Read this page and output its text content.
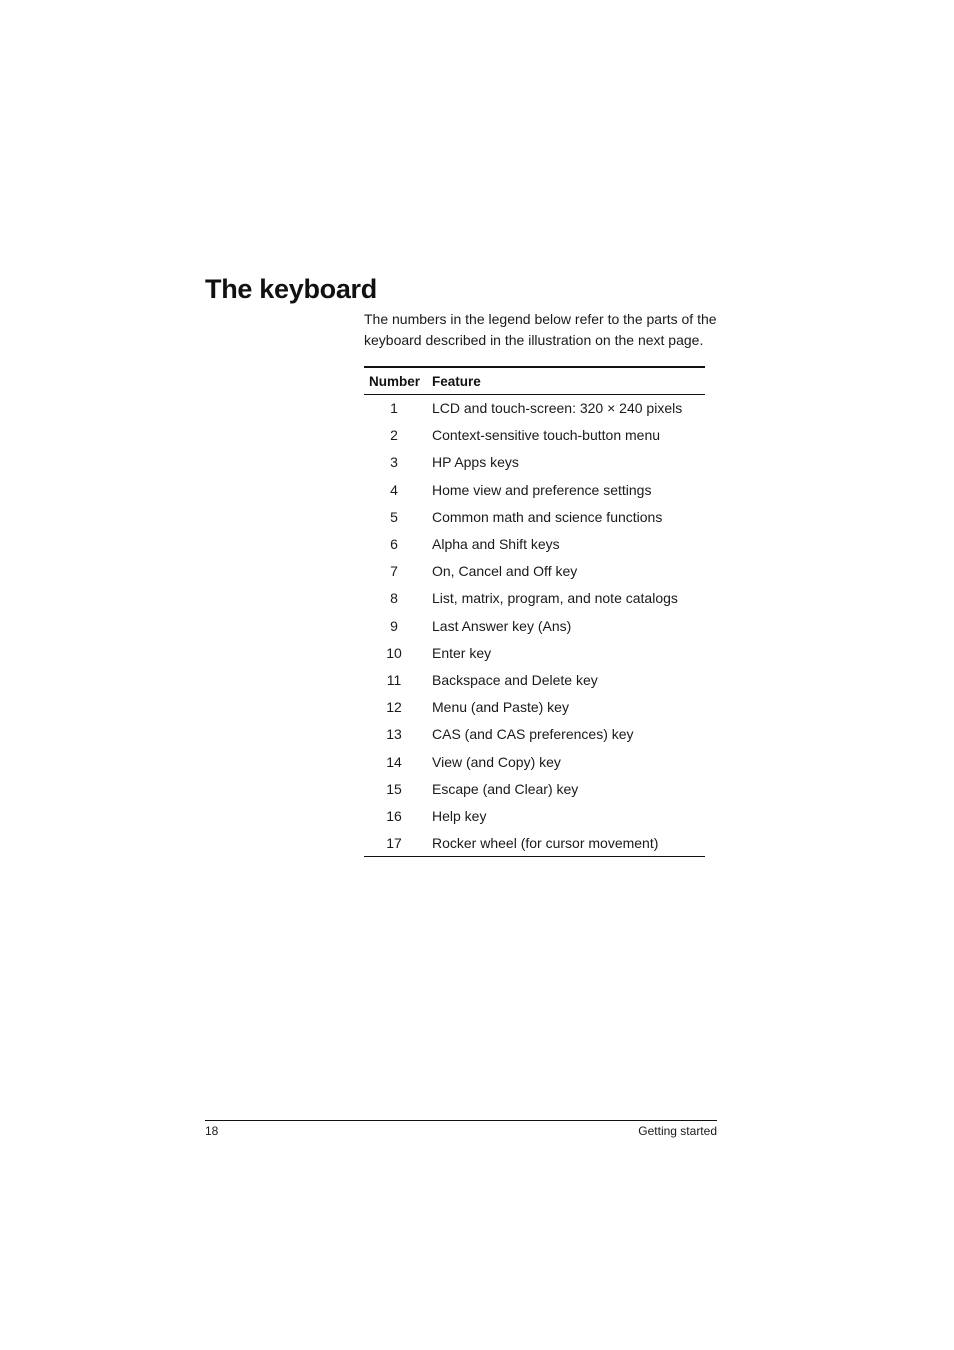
The keyboard

The numbers in the legend below refer to the parts of the
keyboard described in the illustration on the next page.

Number	Feature
1	LCD and touch-screen: 320 × 240 pixels
2	Context-sensitive touch-button menu
3	HP Apps keys
4	Home view and preference settings
5	Common math and science functions
6	Alpha and Shift keys
7	On, Cancel and Off key
8	List, matrix, program, and note catalogs
9	Last Answer key (Ans)
10	Enter key
11	Backspace and Delete key
12	Menu (and Paste) key
13	CAS (and CAS preferences) key
14	View (and Copy) key
15	Escape (and Clear) key
16	Help key
17	Rocker wheel (for cursor movement)
18	Getting started
